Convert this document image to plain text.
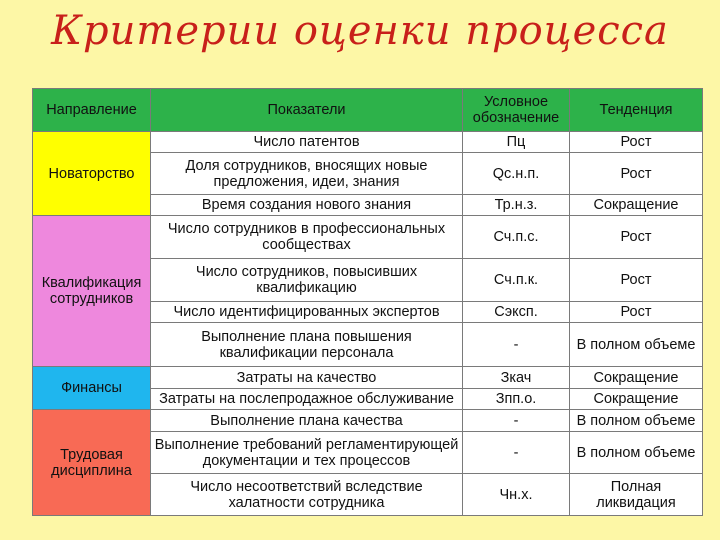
Критерии оценки процесса
Направление	Показатели	Условное обозначение	Тенденция
Новаторство	Число патентов	Пц	Рост
	Доля сотрудников, вносящих новые предложения, идеи, знания	Qс.н.п.	Рост
	Время создания нового знания	Тр.н.з.	Сокращение
Квалификация сотрудников	Число сотрудников в профессиональных сообществах	Сч.п.с.	Рост
	Число сотрудников, повысивших квалификацию	Сч.п.к.	Рост
	Число идентифицированных экспертов	Сэксп.	Рост
	Выполнение плана повышения квалификации персонала	-	В полном объеме
Финансы	Затраты на качество	Зкач	Сокращение
	Затраты на послепродажное обслуживание	Зпп.о.	Сокращение
Трудовая дисциплина	Выполнение плана качества	-	В полном объеме
	Выполнение требований регламентирующей документации и тех процессов	-	В полном объеме
	Число несоответствий вследствие халатности сотрудника	Чн.х.	Полная ликвидация
